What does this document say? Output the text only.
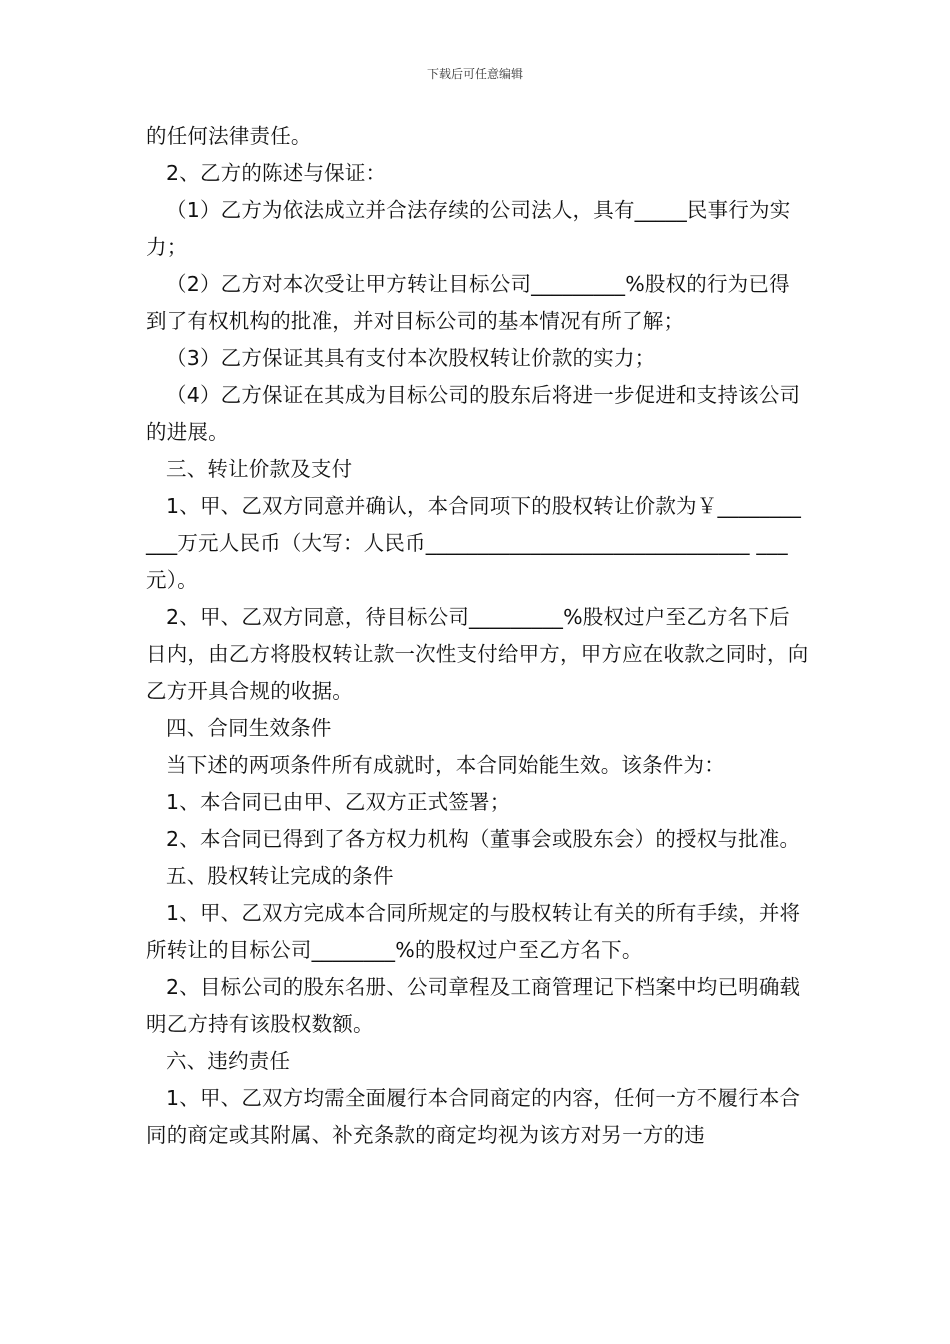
下载后可任意编辑

的任何法律责任。

2、乙方的陈述与保证：

（1）乙方为依法成立并合法存续的公司法人，具有_____民事行为实力；

（2）乙方对本次受让甲方转让目标公司_________%股权的行为已得到了有权机构的批准，并对目标公司的基本情况有所了解；

（3）乙方保证其具有支付本次股权转让价款的实力；

（4）乙方保证在其成为目标公司的股东后将进一步促进和支持该公司的进展。

三、转让价款及支付

1、甲、乙双方同意并确认，本合同项下的股权转让价款为￥___________万元人民币（大写：人民币_______________________________ ___元）。

2、甲、乙双方同意，待目标公司_________%股权过户至乙方名下后日内，由乙方将股权转让款一次性支付给甲方，甲方应在收款之同时，向乙方开具合规的收据。

四、合同生效条件

当下述的两项条件所有成就时，本合同始能生效。该条件为：

1、本合同已由甲、乙双方正式签署；

2、本合同已得到了各方权力机构（董事会或股东会）的授权与批准。

五、股权转让完成的条件

1、甲、乙双方完成本合同所规定的与股权转让有关的所有手续，并将所转让的目标公司________%的股权过户至乙方名下。

2、目标公司的股东名册、公司章程及工商管理记下档案中均已明确载明乙方持有该股权数额。

六、违约责任

1、甲、乙双方均需全面履行本合同商定的内容，任何一方不履行本合同的商定或其附属、补充条款的商定均视为该方对另一方的违
